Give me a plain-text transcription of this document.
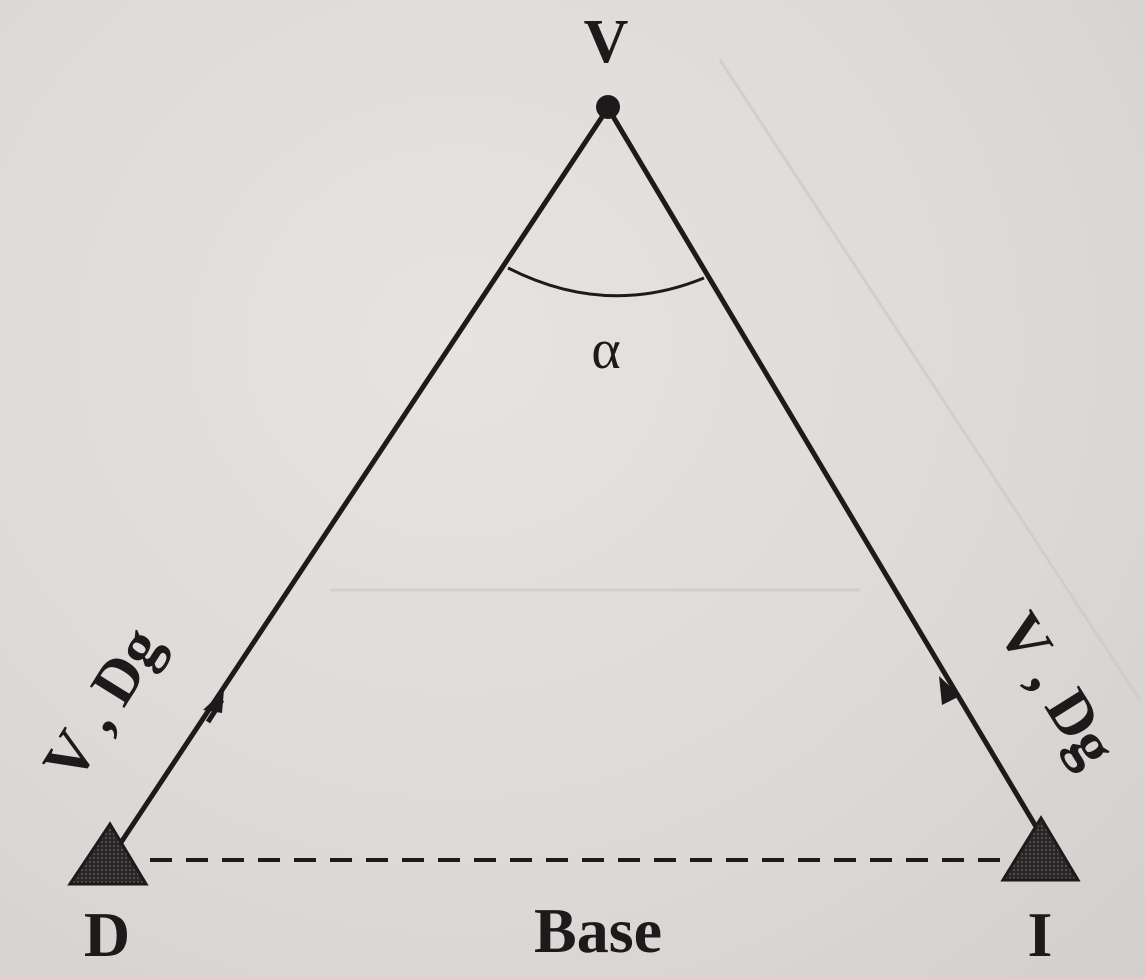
V
α
D	I
Base
V , Dg	V , Dg
